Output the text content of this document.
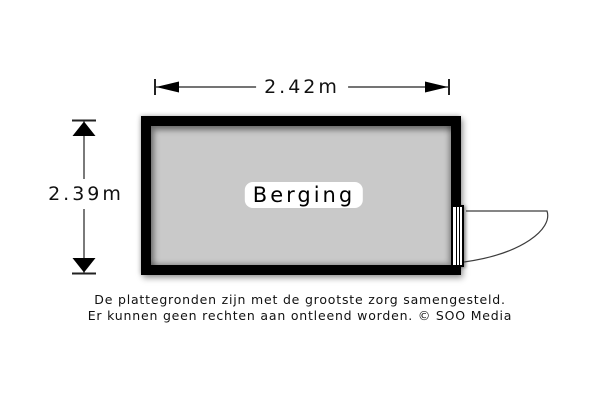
2.42m
2.39m	Berging
De plattegronden zijn met de grootste zorg samengesteld.
Er kunnen geen rechten aan ontleend worden. © SOO Media
